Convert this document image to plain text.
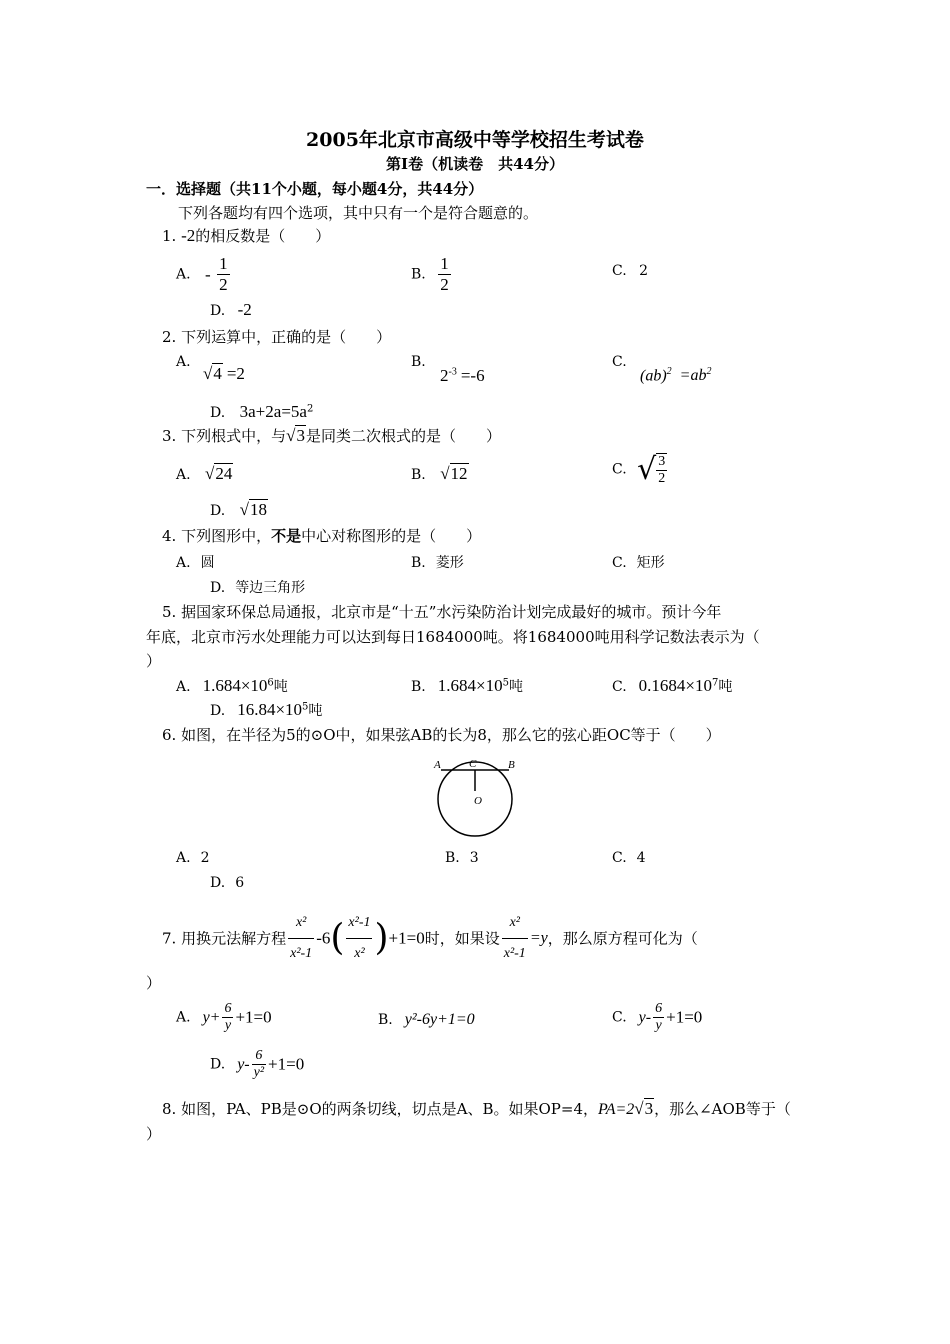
2005年北京市高级中等学校招生考试卷
第Ⅰ卷（机读卷　共44分）
一．选择题（共11个小题，每小题4分，共44分）
下列各题均有四个选项，其中只有一个是符合题意的。
1. -2的相反数是（　　）
A. - $\frac{1}{2}$	B. $\frac{1}{2}$	C. 2
D. -2
2. 下列运算中，正确的是（　　）
A.
√4 =2
B.
$2^{-3} =-6$
C.
$(ab)^2 =ab^2$
D. $3a+2a=5a^2$
3. 下列根式中，与√3是同类二次根式的是（　　）
A. √24	B. √12	C. √ $\frac{3}{2}$
D. √18
4. 下列图形中，不是中心对称图形的是（　　）
A. 圆	B. 菱形	C. 矩形
D. 等边三角形
5. 据国家环保总局通报，北京市是“十五”水污染防治计划完成最好的城市。预计今年
年底，北京市污水处理能力可以达到每日1684000吨。将1684000吨用科学记数法表示为（
）
A. $1.684\times 10^6$吨	B. $1.684\times 10^5$吨	C. $0.1684\times 10^7$吨
D. $16.84\times 10^5$吨
6. 如图，在半径为5的⊙O中，如果弦AB的长为8，那么它的弦心距OC等于（　　）
A	C	B
O
A. 2	B. 3	C. 4
D. 6
7. 用换元法解方程 $\frac{\text{x²}}{\text{x²-1}} -6( \frac{\text{x²-1}}{\text{x²}} )+1=0$时，如果设 $\frac{\text{x²}}{\text{x²-1}} =y$，那么原方程可化为（
）
A. $y+ \frac{6}{y} +1=0$	B. y²-6y+1=0	C. $y- \frac{6}{y} +1=0$
D. $y- \frac{6}{\text{y²}} +1=0$
8. 如图，PA、PB是⊙O的两条切线，切点是A、B。如果OP=4，PA=2√3，那么∠AOB等于（
）
